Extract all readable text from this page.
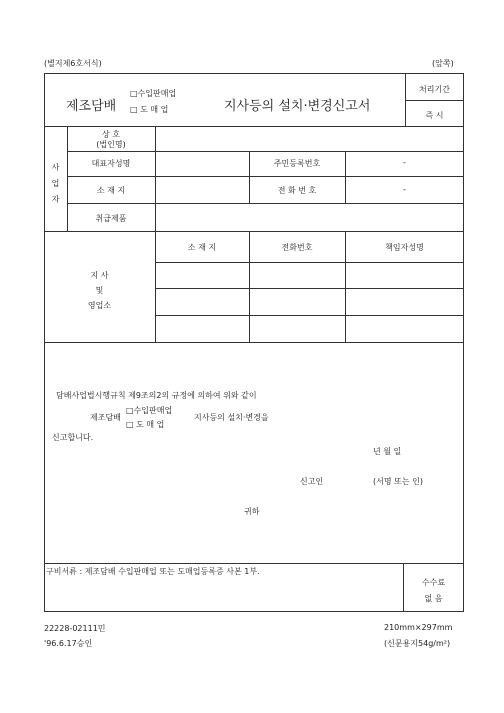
(별지제6호서식)	(앞쪽)
제조담배
□수입판매업
□ 도 매 업	지사등의 설치·변경신고서
처리기간
즉 시
사
업
자
상 호
(법인명)
대표자성명	주민등록번호	-
소 재 지	전 화 번 호	-
취급제품
지 사
및
영업소
소 재 지	전화번호	책임자성명
담배사업법시행규칙 제9조의2의 규정에 의하여 위와 같이
제조담배
□수입판매업
□ 도 매 업
지사등의 설치·변경을
신고합니다.
년 월 일
신고인	(서명 또는 인)
귀하
구비서류 : 제조담배 수입판매업 또는 도매업등록증 사본 1부.
수수료
없 음
22228-02111민
'96.6.17승인
210mm×297mm
(신문용지54g/m²)
